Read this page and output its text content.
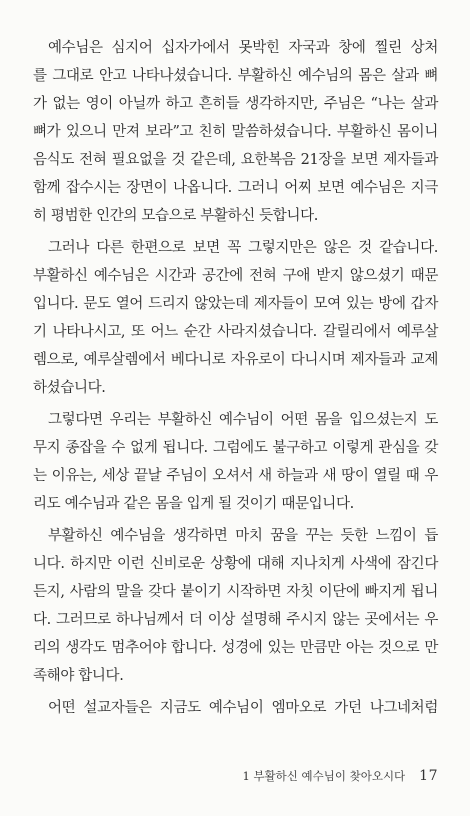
예수님은 심지어 십자가에서 못박힌 자국과 창에 찔린 상처
를 그대로 안고 나타나셨습니다. 부활하신 예수님의 몸은 살과 뼈
가 없는 영이 아닐까 하고 흔히들 생각하지만, 주님은 “나는 살과
뼈가 있으니 만져 보라”고 친히 말씀하셨습니다. 부활하신 몸이니
음식도 전혀 필요없을 것 같은데, 요한복음 21장을 보면 제자들과
함께 잡수시는 장면이 나옵니다. 그러니 어찌 보면 예수님은 지극
히 평범한 인간의 모습으로 부활하신 듯합니다.

그러나 다른 한편으로 보면 꼭 그렇지만은 않은 것 같습니다.
부활하신 예수님은 시간과 공간에 전혀 구애 받지 않으셨기 때문
입니다. 문도 열어 드리지 않았는데 제자들이 모여 있는 방에 갑자
기 나타나시고, 또 어느 순간 사라지셨습니다. 갈릴리에서 예루살
렘으로, 예루살렘에서 베다니로 자유로이 다니시며 제자들과 교제
하셨습니다.

그렇다면 우리는 부활하신 예수님이 어떤 몸을 입으셨는지 도
무지 종잡을 수 없게 됩니다. 그럼에도 불구하고 이렇게 관심을 갖
는 이유는, 세상 끝날 주님이 오셔서 새 하늘과 새 땅이 열릴 때 우
리도 예수님과 같은 몸을 입게 될 것이기 때문입니다.

부활하신 예수님을 생각하면 마치 꿈을 꾸는 듯한 느낌이 듭
니다. 하지만 이런 신비로운 상황에 대해 지나치게 사색에 잠긴다
든지, 사람의 말을 갖다 붙이기 시작하면 자칫 이단에 빠지게 됩니
다. 그러므로 하나님께서 더 이상 설명해 주시지 않는 곳에서는 우
리의 생각도 멈추어야 합니다. 성경에 있는 만큼만 아는 것으로 만
족해야 합니다.

어떤 설교자들은 지금도 예수님이 엠마오로 가던 나그네처럼

1 부활하신 예수님이 찾아오시다 17
